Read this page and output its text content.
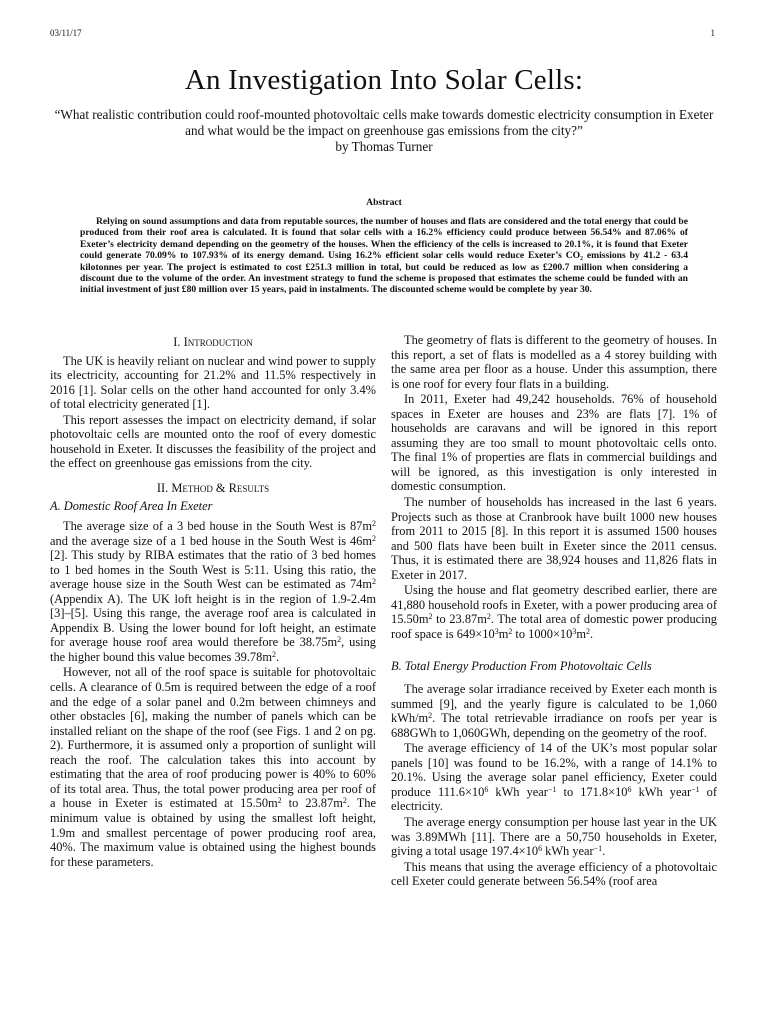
03/11/17	1
An Investigation Into Solar Cells:
“What realistic contribution could roof-mounted photovoltaic cells make towards domestic electricity consumption in Exeter and what would be the impact on greenhouse gas emissions from the city?”
by Thomas Turner
Abstract
Relying on sound assumptions and data from reputable sources, the number of houses and flats are considered and the total energy that could be produced from their roof area is calculated. It is found that solar cells with a 16.2% efficiency could produce between 56.54% and 87.06% of Exeter’s electricity demand depending on the geometry of the houses. When the efficiency of the cells is increased to 20.1%, it is found that Exeter could generate 70.09% to 107.93% of its energy demand. Using 16.2% efficient solar cells would reduce Exeter’s CO₂ emissions by 41.2 - 63.4 kilotonnes per year. The project is estimated to cost £251.3 million in total, but could be reduced as low as £200.7 million when considering a discount due to the volume of the order. An investment strategy to fund the scheme is proposed that estimates the scheme could be funded with an initial investment of just £80 million over 15 years, paid in instalments. The discounted scheme would be complete by year 30.
I. Introduction

The UK is heavily reliant on nuclear and wind power to supply its electricity, accounting for 21.2% and 11.5% respectively in 2016 [1]. Solar cells on the other hand accounted for only 3.4% of total electricity generated [1].

This report assesses the impact on electricity demand, if solar photovoltaic cells are mounted onto the roof of every domestic household in Exeter. It discusses the feasibility of the project and the effect on greenhouse gas emissions from the city.

II. Method & Results
A. Domestic Roof Area In Exeter

The average size of a 3 bed house in the South West is $87m^2$ and the average size of a 1 bed house in the South West is $46m^2$ [2]. This study by RIBA estimates that the ratio of 3 bed homes to 1 bed homes in the South West is 5:11. Using this ratio, the average house size in the South West can be estimated as $74m^2$ (Appendix A). The UK loft height is in the region of 1.9-2.4m [3]–[5]. Using this range, the average roof area is calculated in Appendix B. Using the lower bound for loft height, an estimate for average house roof area would therefore be $38.75m^2$, using the higher bound this value becomes $39.78m^2$.

However, not all of the roof space is suitable for photovoltaic cells. A clearance of 0.5m is required between the edge of a roof and the edge of a solar panel and 0.2m between chimneys and other obstacles [6], making the number of panels which can be installed reliant on the shape of the roof (see Figs. 1 and 2 on pg. 2). Furthermore, it is assumed only a proportion of sunlight will reach the roof. The calculation takes this into account by estimating that the area of roof producing power is 40% to 60% of its total area. Thus, the total power producing area per roof of a house in Exeter is estimated at $15.50m^2$ to $23.87m^2$. The minimum value is obtained by using the smallest loft height, 1.9m and smallest percentage of power producing roof area, 40%. The maximum value is obtained using the highest bounds for these parameters.

The geometry of flats is different to the geometry of houses. In this report, a set of flats is modelled as a 4 storey building with the same area per floor as a house. Under this assumption, there is one roof for every four flats in a building.

In 2011, Exeter had 49,242 households. 76% of household spaces in Exeter are houses and 23% are flats [7]. 1% of households are caravans and will be ignored in this report assuming they are too small to mount photovoltaic cells onto. The final 1% of properties are flats in commercial buildings and will be ignored, as this investigation is only interested in domestic consumption.

The number of households has increased in the last 6 years. Projects such as those at Cranbrook have built 1000 new houses from 2011 to 2015 [8]. In this report it is assumed 1500 houses and 500 flats have been built in Exeter since the 2011 census. Thus, it is estimated there are 38,924 houses and 11,826 flats in Exeter in 2017.

Using the house and flat geometry described earlier, there are 41,880 household roofs in Exeter, with a power producing area of $15.50m^2$ to $23.87m^2$. The total area of domestic power producing roof space is $649\times 10^3m^2$ to $1000\times 10^3m^2$.

B. Total Energy Production From Photovoltaic Cells

The average solar irradiance received by Exeter each month is summed [9], and the yearly figure is calculated to be 1,060 kWh/$m^2$. The total retrievable irradiance on roofs per year is 688GWh to 1,060GWh, depending on the geometry of the roof.

The average efficiency of 14 of the UK’s most popular solar panels [10] was found to be 16.2%, with a range of 14.1% to 20.1%. Using the average solar panel efficiency, Exeter could produce $111.6\times 10^6$ kWh year$^{-1}$ to $171.8\times 10^6$ kWh year$^{-1}$ of electricity.

The average energy consumption per house last year in the UK was 3.89MWh [11]. There are a 50,750 households in Exeter, giving a total usage $197.4\times 10^6$ kWh year$^{-1}$.

This means that using the average efficiency of a photovoltaic cell Exeter could generate between 56.54% (roof area
